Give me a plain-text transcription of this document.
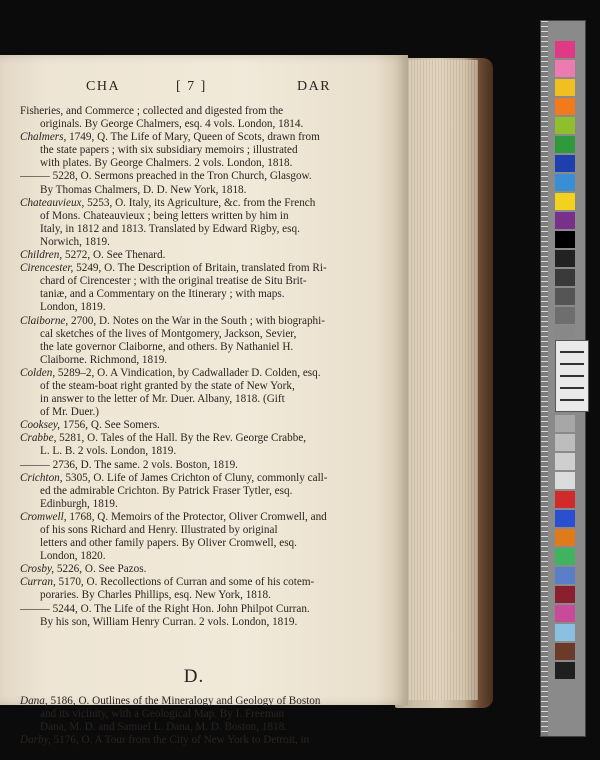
CHA	[ 7 ]	DAR
Fisheries, and Commerce ; collected and digested from the
originals. By George Chalmers, esq. 4 vols. London, 1814.
Chalmers, 1749, Q. The Life of Mary, Queen of Scots, drawn from
the state papers ; with six subsidiary memoirs ; illustrated
with plates. By George Chalmers. 2 vols. London, 1818.
——— 5228, O. Sermons preached in the Tron Church, Glasgow.
By Thomas Chalmers, D. D. New York, 1818.
Chateauvieux, 5253, O. Italy, its Agriculture, &c. from the French
of Mons. Chateauvieux ; being letters written by him in
Italy, in 1812 and 1813. Translated by Edward Rigby, esq.
Norwich, 1819.
Children, 5272, O. See Thenard.
Cirencester, 5249, O. The Description of Britain, translated from Ri-
chard of Cirencester ; with the original treatise de Situ Brit-
taniæ, and a Commentary on the Itinerary ; with maps.
London, 1819.
Claiborne, 2700, D. Notes on the War in the South ; with biographi-
cal sketches of the lives of Montgomery, Jackson, Sevier,
the late governor Claiborne, and others. By Nathaniel H.
Claiborne. Richmond, 1819.
Colden, 5289–2, O. A Vindication, by Cadwallader D. Colden, esq.
of the steam-boat right granted by the state of New York,
in answer to the letter of Mr. Duer. Albany, 1818. (Gift
of Mr. Duer.)
Cooksey, 1756, Q. See Somers.
Crabbe, 5281, O. Tales of the Hall. By the Rev. George Crabbe,
L. L. B. 2 vols. London, 1819.
——— 2736, D. The same. 2 vols. Boston, 1819.
Crichton, 5305, O. Life of James Crichton of Cluny, commonly call-
ed the admirable Crichton. By Patrick Fraser Tytler, esq.
Edinburgh, 1819.
Cromwell, 1768, Q. Memoirs of the Protector, Oliver Cromwell, and
of his sons Richard and Henry. Illustrated by original
letters and other family papers. By Oliver Cromwell, esq.
London, 1820.
Crosby, 5226, O. See Pazos.
Curran, 5170, O. Recollections of Curran and some of his cotem-
poraries. By Charles Phillips, esq. New York, 1818.
——— 5244, O. The Life of the Right Hon. John Philpot Curran.
By his son, William Henry Curran. 2 vols. London, 1819.
D.
Dana, 5186, O. Outlines of the Mineralogy and Geology of Boston
and its vicinity, with a Geological Map. By I. Freeman
Dana, M. D. and Samuel L. Dana, M. D. Boston, 1818.
Darby, 5176, O. A Tour from the City of New York to Detroit, in
